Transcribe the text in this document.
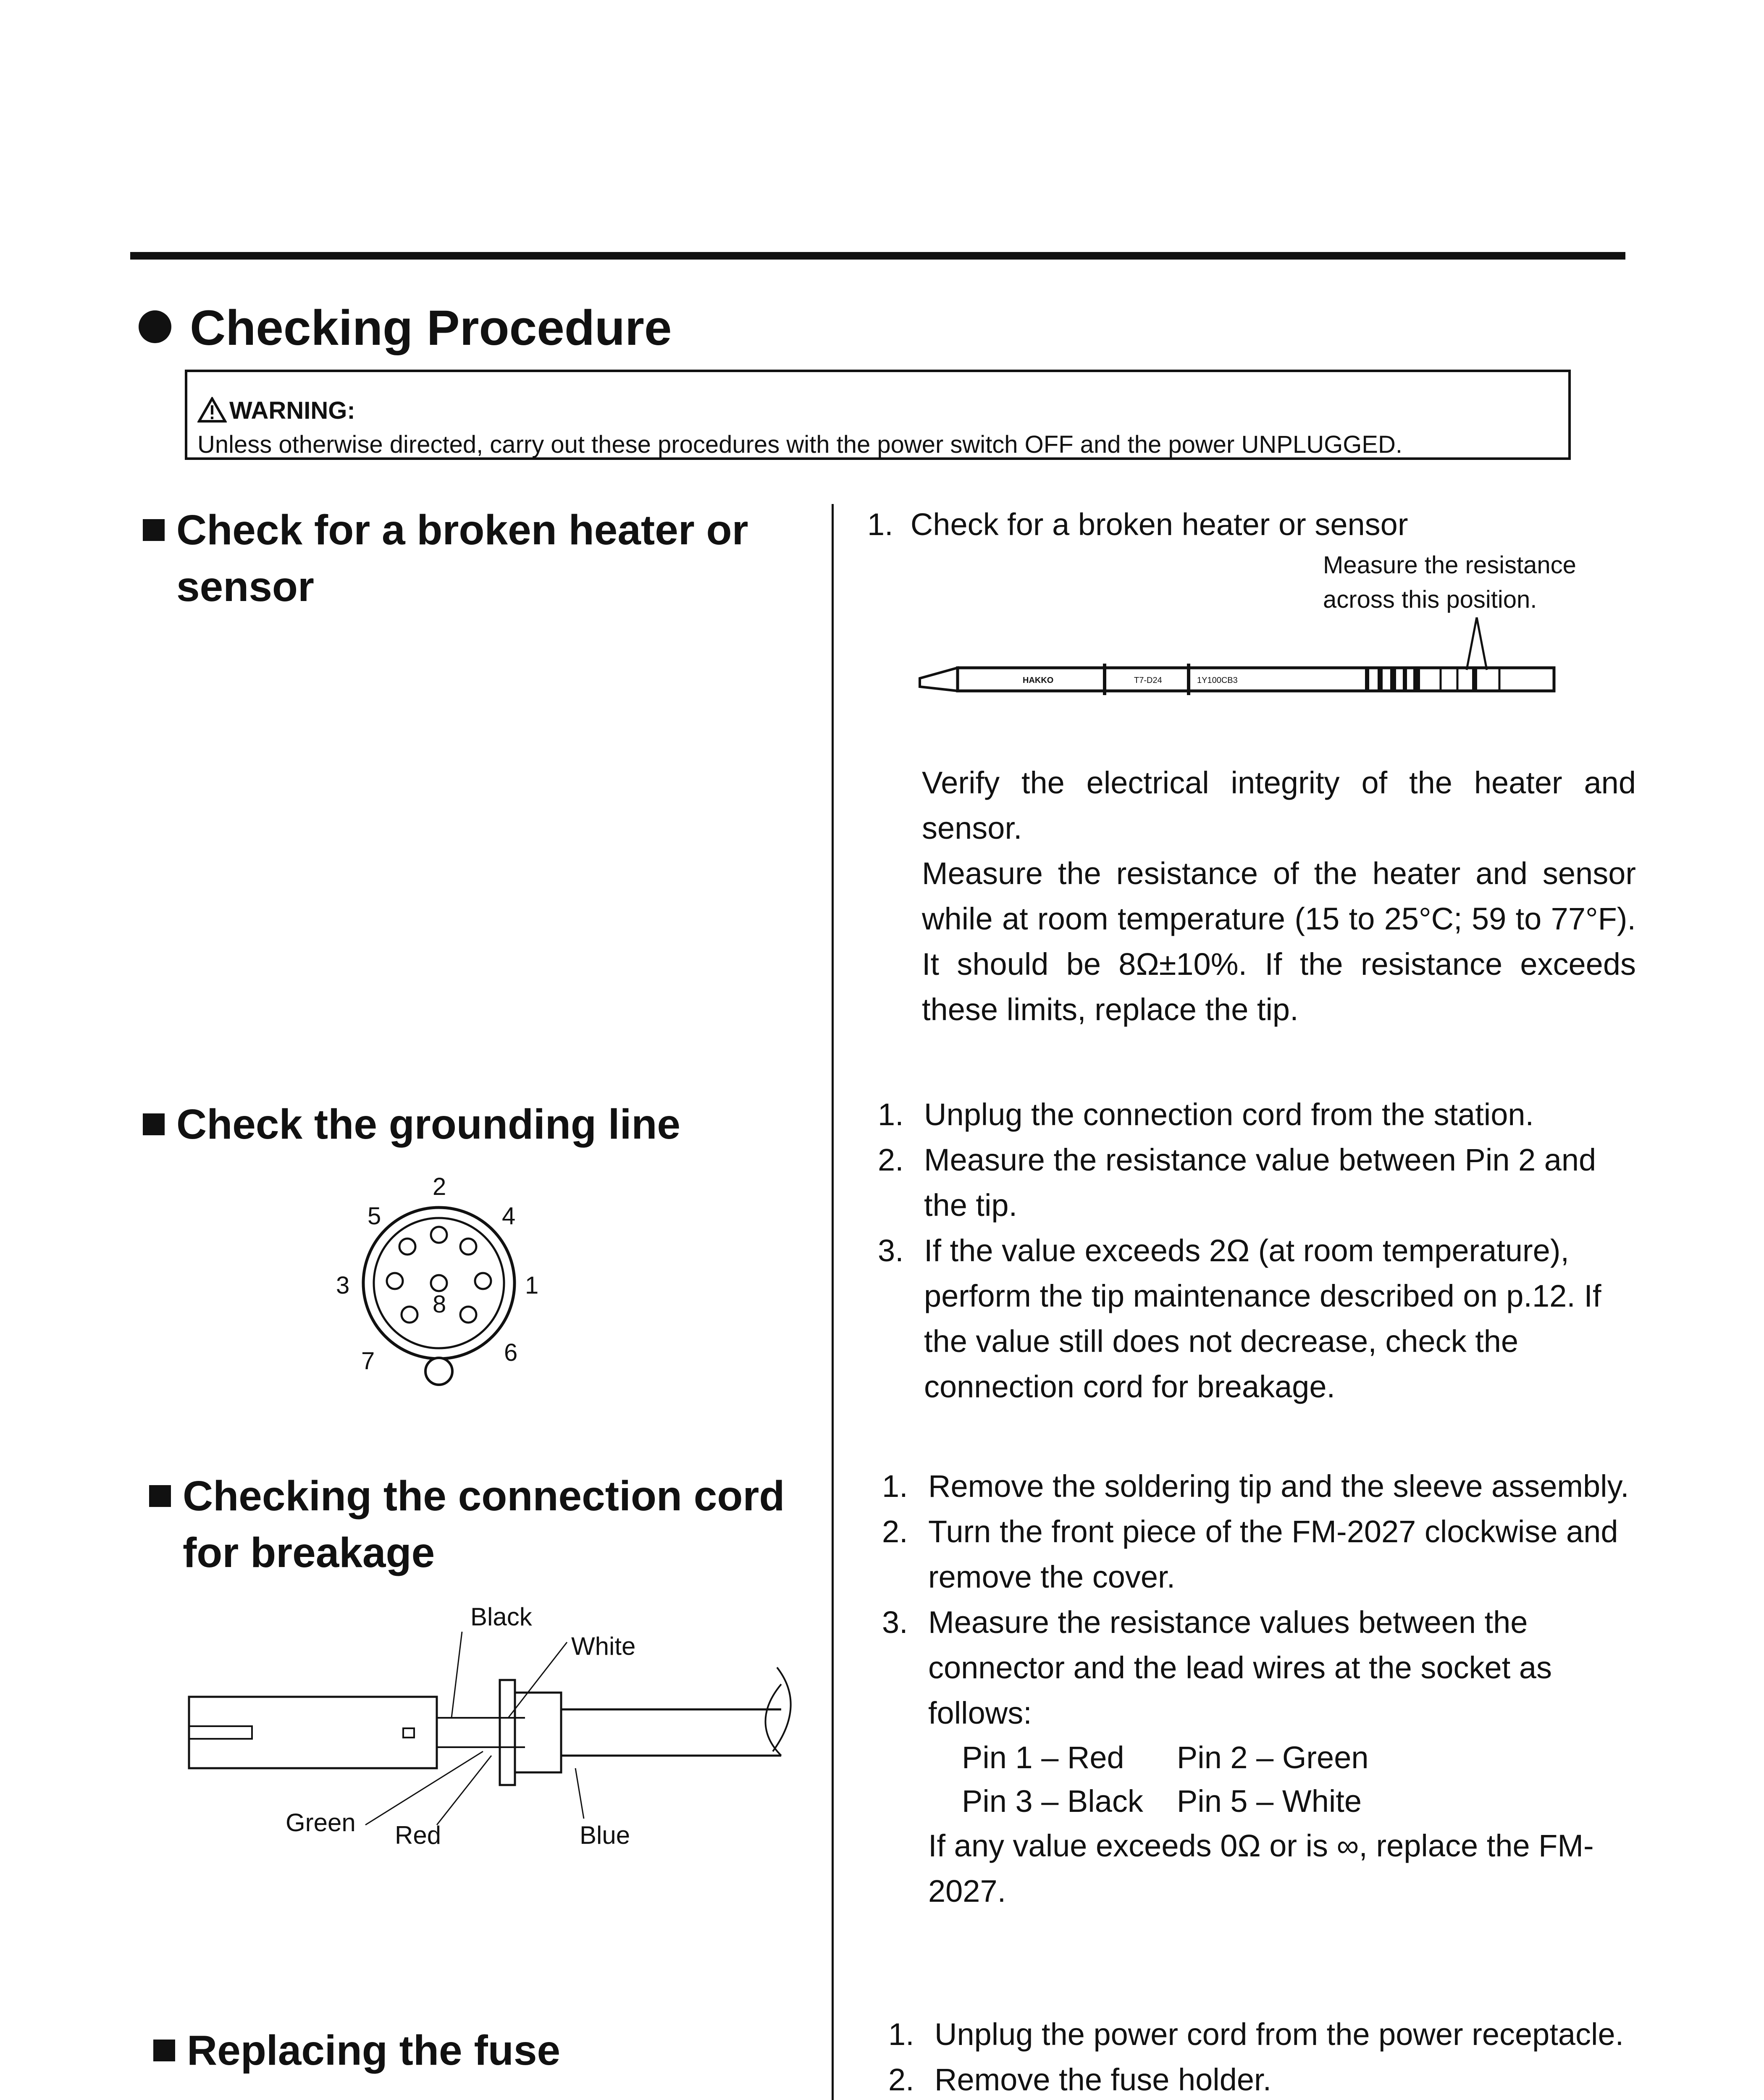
Checking Procedure
WARNING:
Unless otherwise directed, carry out these procedures with the power switch OFF and the power UNPLUGGED.
Check for a broken heater or
sensor
1. Check for a broken heater or sensor
Measure the resistance
across this position.
HAKKO	T7-D24	1Y100CB3
Verify the electrical integrity of the heater and sensor.
Measure the resistance of the heater and sensor while at room temperature (15 to 25°C; 59 to 77°F). It should be 8Ω±10%. If the resistance exceeds these limits, replace the tip.
Check the grounding line
2
4
5
3	1
8
7	6
1. Unplug the connection cord from the station.
2. Measure the resistance value between Pin 2 and the tip.
3. If the value exceeds 2Ω (at room temperature), perform the tip maintenance described on p.12. If the value still does not decrease, check the connection cord for breakage.
Checking the connection cord
for breakage
Black
White
Green Red	Blue
1. Remove the soldering tip and the sleeve assembly.
2. Turn the front piece of the FM-2027 clockwise and remove the cover.
3. Measure the resistance values between the connector and the lead wires at the socket as follows:
Pin 1 – Red	Pin 2 – Green
Pin 3 – Black	Pin 5 – White
If any value exceeds 0Ω or is ∞, replace the FM-2027.
Replacing the fuse	1. Unplug the power cord from the power receptacle.
2. Remove the fuse holder.
